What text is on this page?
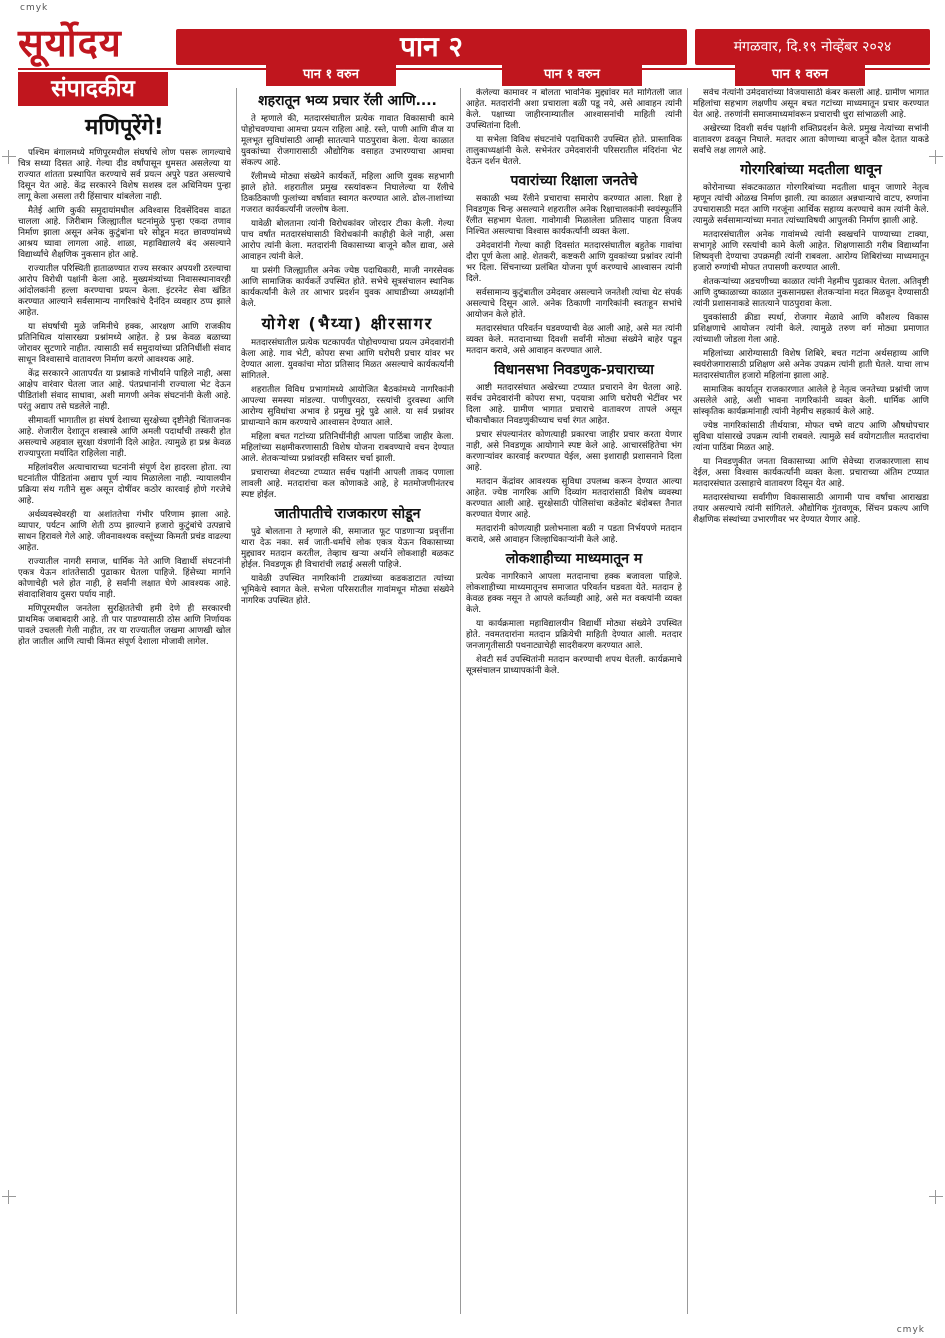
cmyk
सूर्योदय	पान २	मंगळवार, दि.१९ नोव्हेंबर २०२४
संपादकीय
पान १ वरुन	पान १ वरुन	पान १ वरुन
मणिपूरेंगे!

पश्चिम बंगालमध्ये मणिपूरमधील संघर्षाचे लोण पसरू लागल्याचे चित्र सध्या दिसत आहे. गेल्या दीड वर्षांपासून धुमसत असलेल्या या राज्यात शांतता प्रस्थापित करण्याचे सर्व प्रयत्न अपुरे पडत असल्याचे दिसून येत आहे. केंद्र सरकारने विशेष सशस्त्र दल अधिनियम पुन्हा लागू केला असला तरी हिंसाचार थांबलेला नाही.

मैतेई आणि कुकी समुदायांमधील अविश्वास दिवसेंदिवस वाढत चालला आहे. जिरीबाम जिल्ह्यातील घटनांमुळे पुन्हा एकदा तणाव निर्माण झाला असून अनेक कुटुंबांना घरे सोडून मदत छावण्यांमध्ये आश्रय घ्यावा लागला आहे. शाळा, महाविद्यालये बंद असल्याने विद्यार्थ्यांचे शैक्षणिक नुकसान होत आहे.

राज्यातील परिस्थिती हाताळण्यात राज्य सरकार अपयशी ठरल्याचा आरोप विरोधी पक्षांनी केला आहे. मुख्यमंत्र्यांच्या निवासस्थानावरही आंदोलकांनी हल्ला करण्याचा प्रयत्न केला. इंटरनेट सेवा खंडित करण्यात आल्याने सर्वसामान्य नागरिकांचे दैनंदिन व्यवहार ठप्प झाले आहेत.

या संघर्षाची मुळे जमिनीचे हक्क, आरक्षण आणि राजकीय प्रतिनिधित्व यांसारख्या प्रश्नांमध्ये आहेत. हे प्रश्न केवळ बळाच्या जोरावर सुटणारे नाहीत. त्यासाठी सर्व समुदायांच्या प्रतिनिधींशी संवाद साधून विश्वासाचे वातावरण निर्माण करणे आवश्यक आहे.

केंद्र सरकारने आतापर्यंत या प्रश्नाकडे गांभीर्याने पाहिले नाही, असा आक्षेप वारंवार घेतला जात आहे. पंतप्रधानांनी राज्याला भेट देऊन पीडितांशी संवाद साधावा, अशी मागणी अनेक संघटनांनी केली आहे. परंतु अद्याप तसे घडलेले नाही.

सीमावर्ती भागातील हा संघर्ष देशाच्या सुरक्षेच्या दृष्टीनेही चिंताजनक आहे. शेजारील देशातून शस्त्रास्त्रे आणि अमली पदार्थांची तस्करी होत असल्याचे अहवाल सुरक्षा यंत्रणांनी दिले आहेत. त्यामुळे हा प्रश्न केवळ राज्यापुरता मर्यादित राहिलेला नाही.

महिलांवरील अत्याचाराच्या घटनांनी संपूर्ण देश हादरला होता. त्या घटनांतील पीडितांना अद्याप पूर्ण न्याय मिळालेला नाही. न्यायालयीन प्रक्रिया संथ गतीने सुरू असून दोषींवर कठोर कारवाई होणे गरजेचे आहे.

अर्थव्यवस्थेवरही या अशांततेचा गंभीर परिणाम झाला आहे. व्यापार, पर्यटन आणि शेती ठप्प झाल्याने हजारो कुटुंबांचे उत्पन्नाचे साधन हिरावले गेले आहे. जीवनावश्यक वस्तूंच्या किमती प्रचंड वाढल्या आहेत.

राज्यातील नागरी समाज, धार्मिक नेते आणि विद्यार्थी संघटनांनी एकत्र येऊन शांततेसाठी पुढाकार घेतला पाहिजे. हिंसेच्या मार्गाने कोणाचेही भले होत नाही, हे सर्वांनी लक्षात घेणे आवश्यक आहे. संवादाशिवाय दुसरा पर्याय नाही.

मणिपूरमधील जनतेला सुरक्षिततेची हमी देणे ही सरकारची प्राथमिक जबाबदारी आहे. ती पार पाडण्यासाठी ठोस आणि निर्णायक पावले उचलली गेली नाहीत, तर या राज्यातील जखमा आणखी खोल होत जातील आणि त्याची किंमत संपूर्ण देशाला मोजावी लागेल.

शहरातून भव्य प्रचार रॅली आणि....

ते म्हणाले की, मतदारसंघातील प्रत्येक गावात विकासाची कामे पोहोचवण्याचा आमचा प्रयत्न राहिला आहे. रस्ते, पाणी आणि वीज या मूलभूत सुविधांसाठी आम्ही सातत्याने पाठपुरावा केला. येत्या काळात युवकांच्या रोजगारासाठी औद्योगिक वसाहत उभारण्याचा आमचा संकल्प आहे.

रॅलीमध्ये मोठ्या संख्येने कार्यकर्ते, महिला आणि युवक सहभागी झाले होते. शहरातील प्रमुख रस्त्यांवरून निघालेल्या या रॅलीचे ठिकठिकाणी फुलांच्या वर्षावात स्वागत करण्यात आले. ढोल-ताशांच्या गजरात कार्यकर्त्यांनी जल्लोष केला.

यावेळी बोलताना त्यांनी विरोधकांवर जोरदार टीका केली. गेल्या पाच वर्षांत मतदारसंघासाठी विरोधकांनी काहीही केले नाही, असा आरोप त्यांनी केला. मतदारांनी विकासाच्या बाजूने कौल द्यावा, असे आवाहन त्यांनी केले.

या प्रसंगी जिल्ह्यातील अनेक ज्येष्ठ पदाधिकारी, माजी नगरसेवक आणि सामाजिक कार्यकर्ते उपस्थित होते. सभेचे सूत्रसंचालन स्थानिक कार्यकर्त्यांनी केले तर आभार प्रदर्शन युवक आघाडीच्या अध्यक्षांनी केले.

योगेश (भैय्या) क्षीरसागर

मतदारसंघातील प्रत्येक घटकापर्यंत पोहोचण्याचा प्रयत्न उमेदवारांनी केला आहे. गाव भेटी, कोपरा सभा आणि घरोघरी प्रचार यांवर भर देण्यात आला. युवकांचा मोठा प्रतिसाद मिळत असल्याचे कार्यकर्त्यांनी सांगितले.

शहरातील विविध प्रभागांमध्ये आयोजित बैठकांमध्ये नागरिकांनी आपल्या समस्या मांडल्या. पाणीपुरवठा, रस्त्यांची दुरवस्था आणि आरोग्य सुविधांचा अभाव हे प्रमुख मुद्दे पुढे आले. या सर्व प्रश्नांवर प्राधान्याने काम करण्याचे आश्वासन देण्यात आले.

महिला बचत गटांच्या प्रतिनिधींनीही आपला पाठिंबा जाहीर केला. महिलांच्या सक्षमीकरणासाठी विशेष योजना राबवण्याचे वचन देण्यात आले. शेतकऱ्यांच्या प्रश्नांवरही सविस्तर चर्चा झाली.

प्रचाराच्या शेवटच्या टप्प्यात सर्वच पक्षांनी आपली ताकद पणाला लावली आहे. मतदारांचा कल कोणाकडे आहे, हे मतमोजणीनंतरच स्पष्ट होईल.

जातीपातीचे राजकारण सोडून

पुढे बोलताना ते म्हणाले की, समाजात फूट पाडणाऱ्या प्रवृत्तींना थारा देऊ नका. सर्व जाती-धर्मांचे लोक एकत्र येऊन विकासाच्या मुद्द्यावर मतदान करतील, तेव्हाच खऱ्या अर्थाने लोकशाही बळकट होईल. निवडणूक ही विचारांची लढाई असली पाहिजे.

यावेळी उपस्थित नागरिकांनी टाळ्यांच्या कडकडाटात त्यांच्या भूमिकेचे स्वागत केले. सभेला परिसरातील गावांमधून मोठ्या संख्येने नागरिक उपस्थित होते.

केलेल्या कामावर न बोलता भावनिक मुद्द्यांवर मते मागितली जात आहेत. मतदारांनी अशा प्रचाराला बळी पडू नये, असे आवाहन त्यांनी केले. पक्षाच्या जाहीरनाम्यातील आश्वासनांची माहिती त्यांनी उपस्थितांना दिली.

या सभेला विविध संघटनांचे पदाधिकारी उपस्थित होते. प्रास्ताविक तालुकाध्यक्षांनी केले. सभेनंतर उमेदवारांनी परिसरातील मंदिरांना भेट देऊन दर्शन घेतले.

पवारांच्या रिक्षाला जनतेचे

सकाळी भव्य रॅलीने प्रचाराचा समारोप करण्यात आला. रिक्षा हे निवडणूक चिन्ह असल्याने शहरातील अनेक रिक्षाचालकांनी स्वयंस्फूर्तीने रॅलीत सहभाग घेतला. गावोगावी मिळालेला प्रतिसाद पाहता विजय निश्चित असल्याचा विश्वास कार्यकर्त्यांनी व्यक्त केला.

उमेदवारांनी गेल्या काही दिवसांत मतदारसंघातील बहुतेक गावांचा दौरा पूर्ण केला आहे. शेतकरी, कष्टकरी आणि युवकांच्या प्रश्नांवर त्यांनी भर दिला. सिंचनाच्या प्रलंबित योजना पूर्ण करण्याचे आश्वासन त्यांनी दिले.

सर्वसामान्य कुटुंबातील उमेदवार असल्याने जनतेशी त्यांचा थेट संपर्क असल्याचे दिसून आले. अनेक ठिकाणी नागरिकांनी स्वतःहून सभांचे आयोजन केले होते.

मतदारसंघात परिवर्तन घडवण्याची वेळ आली आहे, असे मत त्यांनी व्यक्त केले. मतदानाच्या दिवशी सर्वांनी मोठ्या संख्येने बाहेर पडून मतदान करावे, असे आवाहन करण्यात आले.

विधानसभा निवडणुक-प्रचाराच्या

आष्टी मतदारसंघात अखेरच्या टप्प्यात प्रचाराने वेग घेतला आहे. सर्वच उमेदवारांनी कोपरा सभा, पदयात्रा आणि घरोघरी भेटींवर भर दिला आहे. ग्रामीण भागात प्रचाराचे वातावरण तापले असून चौकाचौकात निवडणुकीच्याच चर्चा रंगत आहेत.

प्रचार संपल्यानंतर कोणत्याही प्रकारचा जाहीर प्रचार करता येणार नाही, असे निवडणूक आयोगाने स्पष्ट केले आहे. आचारसंहितेचा भंग करणाऱ्यांवर कारवाई करण्यात येईल, असा इशाराही प्रशासनाने दिला आहे.

मतदान केंद्रांवर आवश्यक सुविधा उपलब्ध करून देण्यात आल्या आहेत. ज्येष्ठ नागरिक आणि दिव्यांग मतदारांसाठी विशेष व्यवस्था करण्यात आली आहे. सुरक्षेसाठी पोलिसांचा कडेकोट बंदोबस्त तैनात करण्यात येणार आहे.

मतदारांनी कोणत्याही प्रलोभनाला बळी न पडता निर्भयपणे मतदान करावे, असे आवाहन जिल्हाधिकाऱ्यांनी केले आहे.

लोकशाहीच्या माध्यमातून म

प्रत्येक नागरिकाने आपला मतदानाचा हक्क बजावला पाहिजे. लोकशाहीच्या माध्यमातूनच समाजात परिवर्तन घडवता येते. मतदान हे केवळ हक्क नसून ते आपले कर्तव्यही आहे, असे मत वक्त्यांनी व्यक्त केले.

या कार्यक्रमाला महाविद्यालयीन विद्यार्थी मोठ्या संख्येने उपस्थित होते. नवमतदारांना मतदान प्रक्रियेची माहिती देण्यात आली. मतदार जनजागृतीसाठी पथनाट्याचेही सादरीकरण करण्यात आले.

शेवटी सर्व उपस्थितांनी मतदान करण्याची शपथ घेतली. कार्यक्रमाचे सूत्रसंचालन प्राध्यापकांनी केले.

सर्वच नेत्यांनी उमेदवारांच्या विजयासाठी कंबर कसली आहे. ग्रामीण भागात महिलांचा सहभाग लक्षणीय असून बचत गटांच्या माध्यमातून प्रचार करण्यात येत आहे. तरुणांनी समाजमाध्यमांवरून प्रचाराची धुरा सांभाळली आहे.

अखेरच्या दिवशी सर्वच पक्षांनी शक्तिप्रदर्शन केले. प्रमुख नेत्यांच्या सभांनी वातावरण ढवळून निघाले. मतदार आता कोणाच्या बाजूने कौल देतात याकडे सर्वांचे लक्ष लागले आहे.

गोरगरिबांच्या मदतीला धावून

कोरोनाच्या संकटकाळात गोरगरिबांच्या मदतीला धावून जाणारे नेतृत्व म्हणून त्यांची ओळख निर्माण झाली. त्या काळात अन्नधान्याचे वाटप, रुग्णांना उपचारासाठी मदत आणि गरजूंना आर्थिक सहाय्य करण्याचे काम त्यांनी केले. त्यामुळे सर्वसामान्यांच्या मनात त्यांच्याविषयी आपुलकी निर्माण झाली आहे.

मतदारसंघातील अनेक गावांमध्ये त्यांनी स्वखर्चाने पाण्याच्या टाक्या, सभागृहे आणि रस्त्यांची कामे केली आहेत. शिक्षणासाठी गरीब विद्यार्थ्यांना शिष्यवृत्ती देण्याचा उपक्रमही त्यांनी राबवला. आरोग्य शिबिरांच्या माध्यमातून हजारो रुग्णांची मोफत तपासणी करण्यात आली.

शेतकऱ्यांच्या अडचणीच्या काळात त्यांनी नेहमीच पुढाकार घेतला. अतिवृष्टी आणि दुष्काळाच्या काळात नुकसानग्रस्त शेतकऱ्यांना मदत मिळवून देण्यासाठी त्यांनी प्रशासनाकडे सातत्याने पाठपुरावा केला.

युवकांसाठी क्रीडा स्पर्धा, रोजगार मेळावे आणि कौशल्य विकास प्रशिक्षणाचे आयोजन त्यांनी केले. त्यामुळे तरुण वर्ग मोठ्या प्रमाणात त्यांच्याशी जोडला गेला आहे.

महिलांच्या आरोग्यासाठी विशेष शिबिरे, बचत गटांना अर्थसहाय्य आणि स्वयंरोजगारासाठी प्रशिक्षण असे अनेक उपक्रम त्यांनी हाती घेतले. याचा लाभ मतदारसंघातील हजारो महिलांना झाला आहे.

सामाजिक कार्यातून राजकारणात आलेले हे नेतृत्व जनतेच्या प्रश्नांची जाण असलेले आहे, अशी भावना नागरिकांनी व्यक्त केली. धार्मिक आणि सांस्कृतिक कार्यक्रमांनाही त्यांनी नेहमीच सहकार्य केले आहे.

ज्येष्ठ नागरिकांसाठी तीर्थयात्रा, मोफत चष्मे वाटप आणि औषधोपचार सुविधा यांसारखे उपक्रम त्यांनी राबवले. त्यामुळे सर्व वयोगटातील मतदारांचा त्यांना पाठिंबा मिळत आहे.

या निवडणुकीत जनता विकासाच्या आणि सेवेच्या राजकारणाला साथ देईल, असा विश्वास कार्यकर्त्यांनी व्यक्त केला. प्रचाराच्या अंतिम टप्प्यात मतदारसंघात उत्साहाचे वातावरण दिसून येत आहे.

मतदारसंघाच्या सर्वांगीण विकासासाठी आगामी पाच वर्षांचा आराखडा तयार असल्याचे त्यांनी सांगितले. औद्योगिक गुंतवणूक, सिंचन प्रकल्प आणि शैक्षणिक संस्थांच्या उभारणीवर भर देण्यात येणार आहे.

cmyk
